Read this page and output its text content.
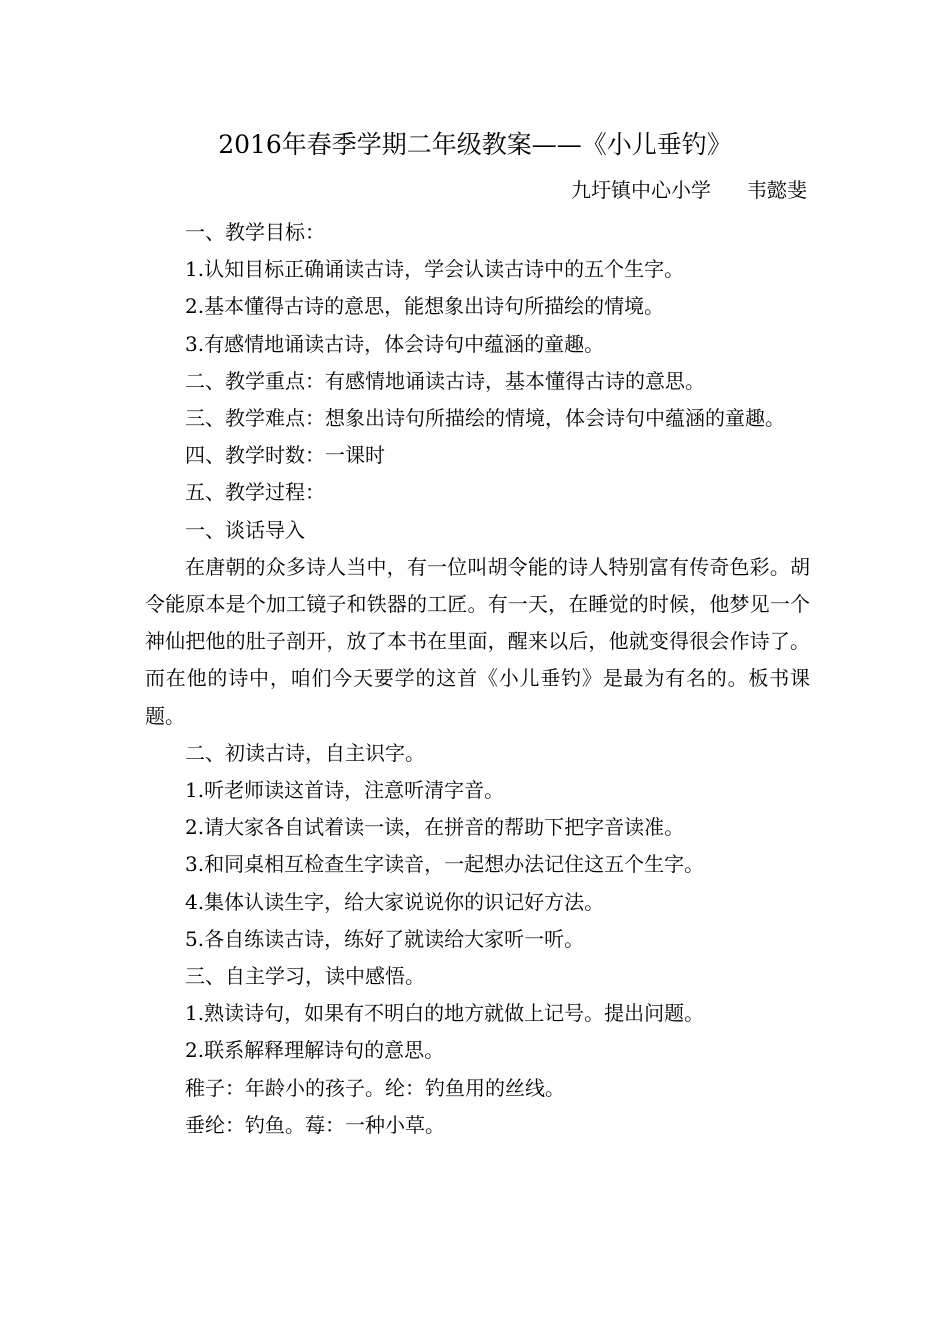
2016年春季学期二年级教案——《小儿垂钓》
九圩镇中心小学 韦懿斐

一、教学目标：

1.认知目标正确诵读古诗，学会认读古诗中的五个生字。

2.基本懂得古诗的意思，能想象出诗句所描绘的情境。

3.有感情地诵读古诗，体会诗句中蕴涵的童趣。

二、教学重点：有感情地诵读古诗，基本懂得古诗的意思。

三、教学难点：想象出诗句所描绘的情境，体会诗句中蕴涵的童趣。

四、教学时数：一课时

五、教学过程：

一、谈话导入

在唐朝的众多诗人当中，有一位叫胡令能的诗人特别富有传奇色彩。胡令能原本是个加工镜子和铁器的工匠。有一天，在睡觉的时候，他梦见一个神仙把他的肚子剖开，放了本书在里面，醒来以后，他就变得很会作诗了。而在他的诗中，咱们今天要学的这首《小儿垂钓》是最为有名的。板书课题。

二、初读古诗，自主识字。

1.听老师读这首诗，注意听清字音。

2.请大家各自试着读一读，在拼音的帮助下把字音读准。

3.和同桌相互检查生字读音，一起想办法记住这五个生字。

4.集体认读生字，给大家说说你的识记好方法。

5.各自练读古诗，练好了就读给大家听一听。

三、自主学习，读中感悟。

1.熟读诗句，如果有不明白的地方就做上记号。提出问题。

2.联系解释理解诗句的意思。

稚子：年龄小的孩子。纶：钓鱼用的丝线。

垂纶：钓鱼。莓：一种小草。
